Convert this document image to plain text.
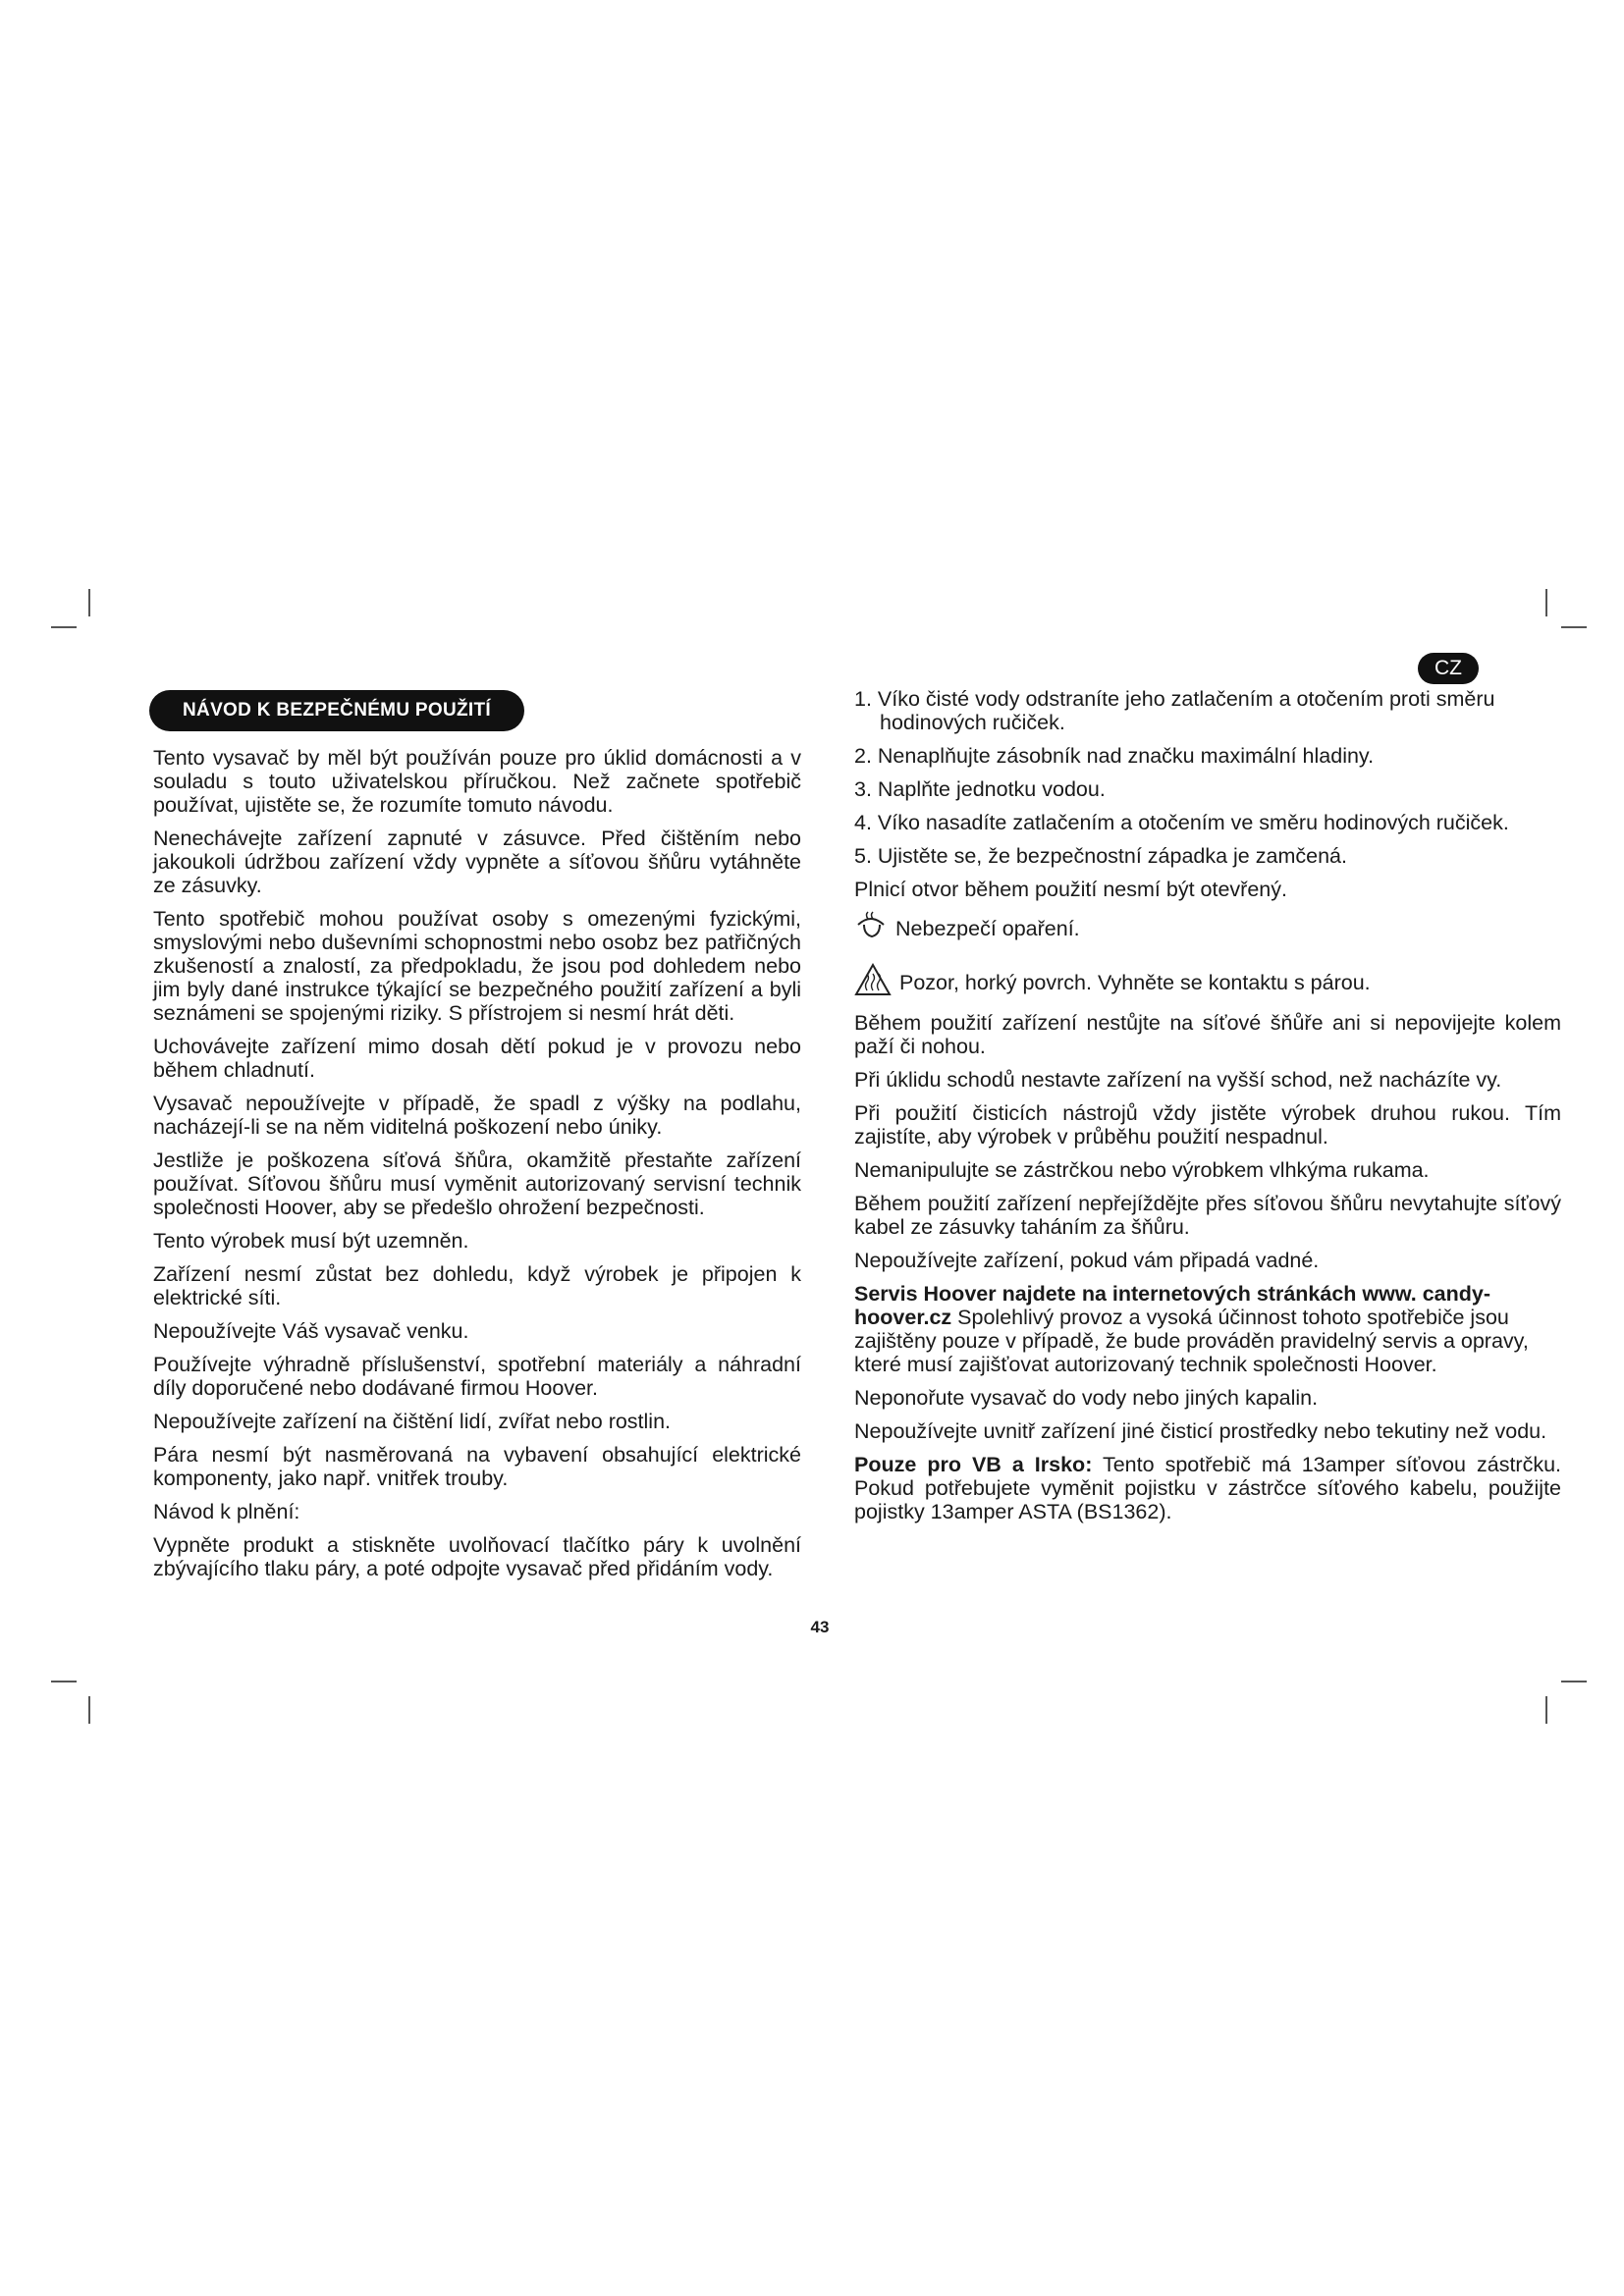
CZ
NÁVOD K BEZPEČNÉMU POUŽITÍ

Tento vysavač by měl být používán pouze pro úklid domácnosti a v souladu s touto uživatelskou příručkou. Než začnete spotřebič používat, ujistěte se, že rozumíte tomuto návodu.

Nenechávejte zařízení zapnuté v zásuvce. Před čištěním nebo jakoukoli údržbou zařízení vždy vypněte a síťovou šňůru vytáhněte ze zásuvky.

Tento spotřebič mohou používat osoby s omezenými fyzickými, smyslovými nebo duševními schopnostmi nebo osobz bez patřičných zkušeností a znalostí, za předpokladu, že jsou pod dohledem nebo jim byly dané instrukce týkající se bezpečného použití zařízení a byli seznámeni se spojenými riziky. S přístrojem si nesmí hrát děti.

Uchovávejte zařízení mimo dosah dětí pokud je v provozu nebo během chladnutí.

Vysavač nepoužívejte v případě, že spadl z výšky na podlahu, nacházejí-li se na něm viditelná poškození nebo úniky.

Jestliže je poškozena síťová šňůra, okamžitě přestaňte zařízení používat. Síťovou šňůru musí vyměnit autorizovaný servisní technik společnosti Hoover, aby se předešlo ohrožení bezpečnosti.

Tento výrobek musí být uzemněn.

Zařízení nesmí zůstat bez dohledu, když výrobek je připojen k elektrické síti.

Nepoužívejte Váš vysavač venku.

Používejte výhradně příslušenství, spotřební materiály a náhradní díly doporučené nebo dodávané firmou Hoover.

Nepoužívejte zařízení na čištění lidí, zvířat nebo rostlin.

Pára nesmí být nasměrovaná na vybavení obsahující elektrické komponenty, jako např. vnitřek trouby.

Návod k plnění:

Vypněte produkt a stiskněte uvolňovací tlačítko páry k uvolnění zbývajícího tlaku páry, a poté odpojte vysavač před přidáním vody.

1. Víko čisté vody odstraníte jeho zatlačením a otočením proti směru hodinových ručiček.
2. Nenaplňujte zásobník nad značku maximální hladiny.
3. Naplňte jednotku vodou.
4. Víko nasadíte zatlačením a otočením ve směru hodinových ručiček.
5. Ujistěte se, že bezpečnostní západka je zamčená.

Plnicí otvor během použití nesmí být otevřený.

Nebezpečí opaření.
Pozor, horký povrch. Vyhněte se kontaktu s párou.

Během použití zařízení nestůjte na síťové šňůře ani si nepovijejte kolem paží či nohou.

Při úklidu schodů nestavte zařízení na vyšší schod, než nacházíte vy.

Při použití čisticích nástrojů vždy jistěte výrobek druhou rukou. Tím zajistíte, aby výrobek v průběhu použití nespadnul.

Nemanipulujte se zástrčkou nebo výrobkem vlhkýma rukama.

Během použití zařízení nepřejíždějte přes síťovou šňůru nevytahujte síťový kabel ze zásuvky taháním za šňůru.

Nepoužívejte zařízení, pokud vám připadá vadné.

Servis Hoover najdete na internetových stránkách www. candy-hoover.cz Spolehlivý provoz a vysoká účinnost tohoto spotřebiče jsou zajištěny pouze v případě, že bude prováděn pravidelný servis a opravy, které musí zajišťovat autorizovaný technik společnosti Hoover.

Neponořute vysavač do vody nebo jiných kapalin.

Nepoužívejte uvnitř zařízení jiné čisticí prostředky nebo tekutiny než vodu.

Pouze pro VB a Irsko: Tento spotřebič má 13amper síťovou zástrčku. Pokud potřebujete vyměnit pojistku v zástrčce síťového kabelu, použijte pojistky 13amper ASTA (BS1362).

43
